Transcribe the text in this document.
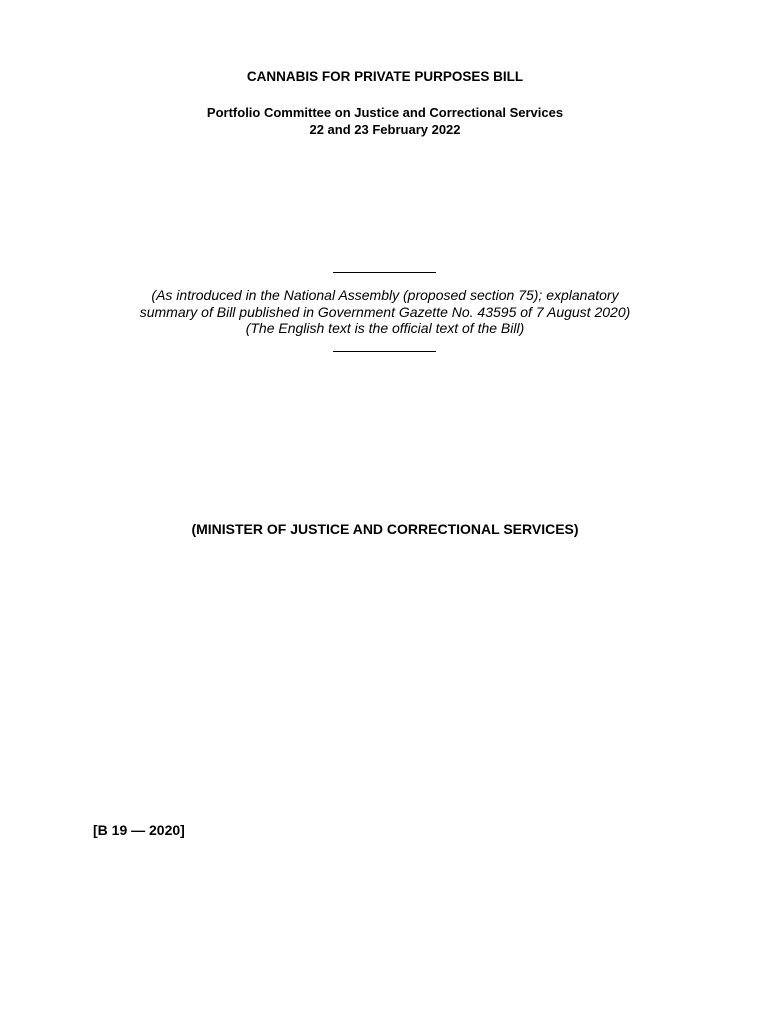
CANNABIS FOR PRIVATE PURPOSES BILL
Portfolio Committee on Justice and Correctional Services
22 and 23 February 2022
(As introduced in the National Assembly (proposed section 75); explanatory
summary of Bill published in Government Gazette No. 43595 of 7 August 2020)
(The English text is the official text of the Bill)
(MINISTER OF JUSTICE AND CORRECTIONAL SERVICES)
[B 19 — 2020]
